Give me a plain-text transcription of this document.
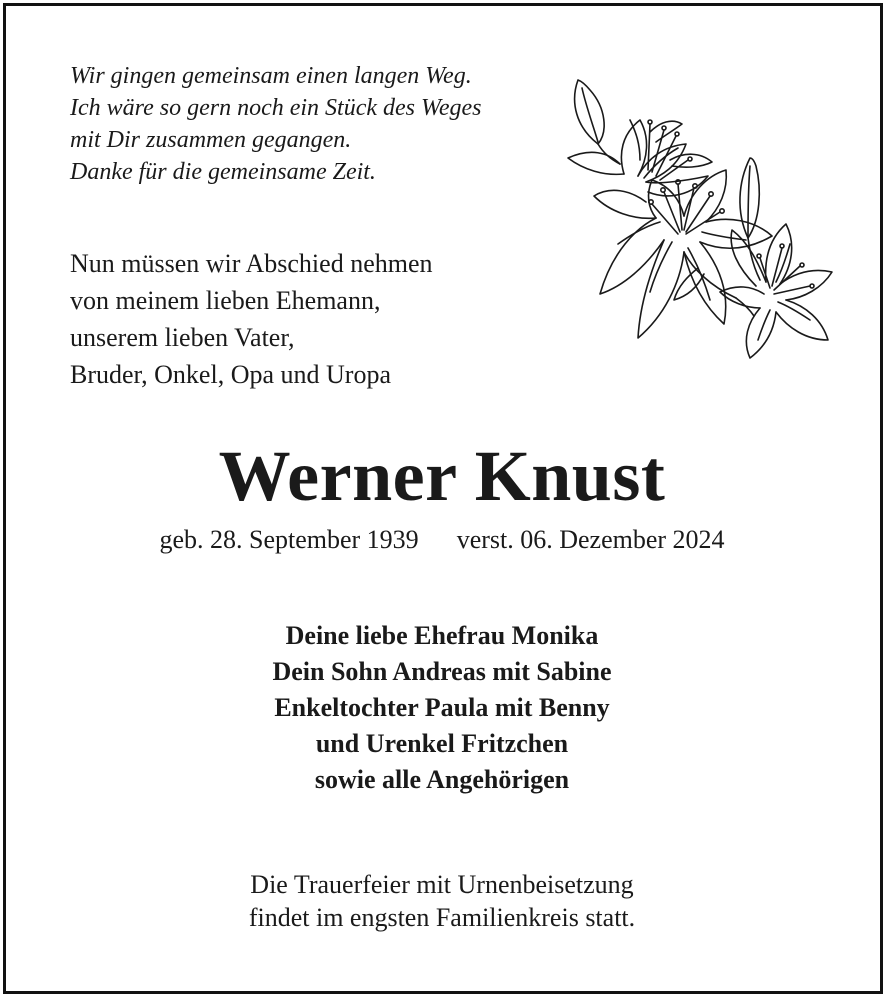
Wir gingen gemeinsam einen langen Weg.
Ich wäre so gern noch ein Stück des Weges
mit Dir zusammen gegangen.
Danke für die gemeinsame Zeit.
Nun müssen wir Abschied nehmen
von meinem lieben Ehemann,
unserem lieben Vater,
Bruder, Onkel, Opa und Uropa
Werner Knust
geb. 28. September 1939 verst. 06. Dezember 2024
Deine liebe Ehefrau Monika
Dein Sohn Andreas mit Sabine
Enkeltochter Paula mit Benny
und Urenkel Fritzchen
sowie alle Angehörigen
Die Trauerfeier mit Urnenbeisetzung
findet im engsten Familienkreis statt.
